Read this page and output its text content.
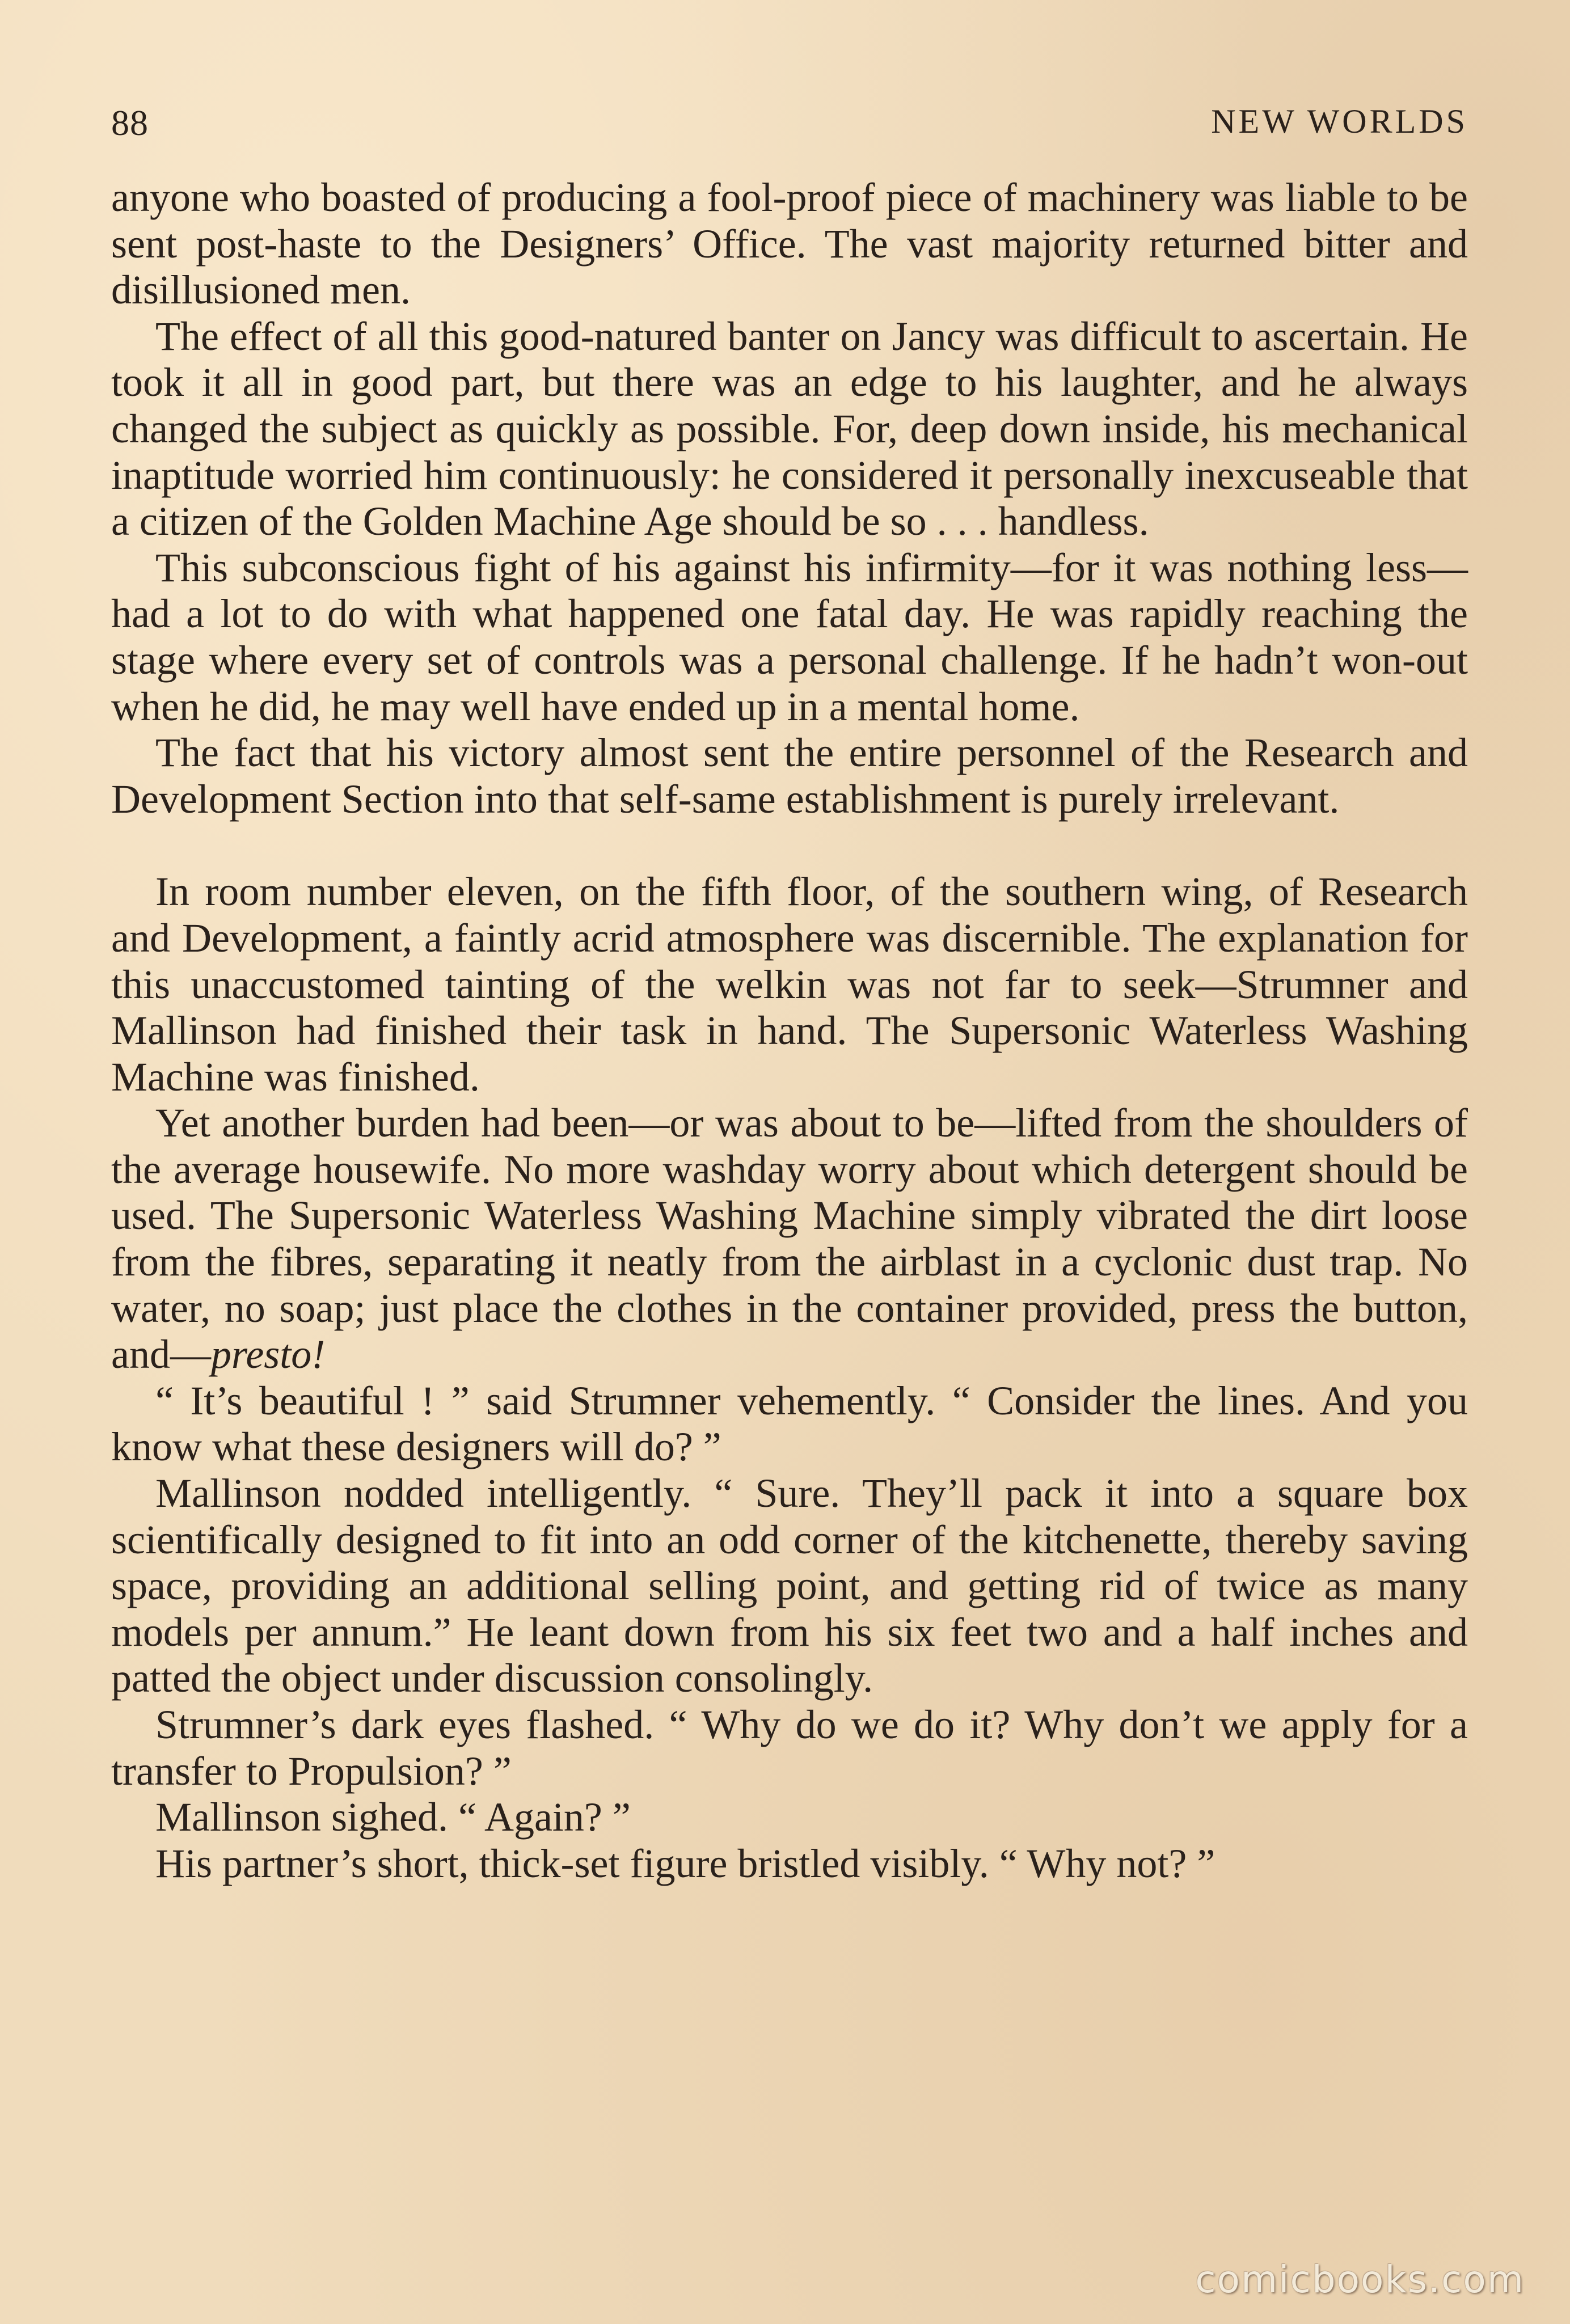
88	NEW WORLDS

anyone who boasted of producing a fool-proof piece of machinery was liable to be sent post-haste to the Designers’ Office. The vast majority returned bitter and disillusioned men.

The effect of all this good-natured banter on Jancy was difficult to ascertain. He took it all in good part, but there was an edge to his laughter, and he always changed the subject as quickly as possible. For, deep down inside, his mechanical inaptitude worried him continuously: he considered it personally inexcuseable that a citizen of the Golden Machine Age should be so . . . handless.

This subconscious fight of his against his infirmity—for it was nothing less—had a lot to do with what happened one fatal day. He was rapidly reaching the stage where every set of controls was a personal challenge. If he hadn’t won-out when he did, he may well have ended up in a mental home.

The fact that his victory almost sent the entire personnel of the Research and Development Section into that self-same establishment is purely irrelevant.

In room number eleven, on the fifth floor, of the southern wing, of Research and Development, a faintly acrid atmosphere was discernible. The explanation for this unaccustomed tainting of the welkin was not far to seek—Strumner and Mallinson had finished their task in hand. The Supersonic Waterless Washing Machine was finished.

Yet another burden had been—or was about to be—lifted from the shoulders of the average housewife. No more washday worry about which detergent should be used. The Supersonic Waterless Washing Machine simply vibrated the dirt loose from the fibres, separating it neatly from the airblast in a cyclonic dust trap. No water, no soap; just place the clothes in the container provided, press the button, and—presto!

“ It’s beautiful ! ” said Strumner vehemently. “ Consider the lines. And you know what these designers will do? ”

Mallinson nodded intelligently. “ Sure. They’ll pack it into a square box scientifically designed to fit into an odd corner of the kitchenette, thereby saving space, providing an additional selling point, and getting rid of twice as many models per annum.” He leant down from his six feet two and a half inches and patted the object under discussion consolingly.

Strumner’s dark eyes flashed. “ Why do we do it? Why don’t we apply for a transfer to Propulsion? ”

Mallinson sighed. “ Again? ”

His partner’s short, thick-set figure bristled visibly. “ Why not? ”

comicbooks.com
